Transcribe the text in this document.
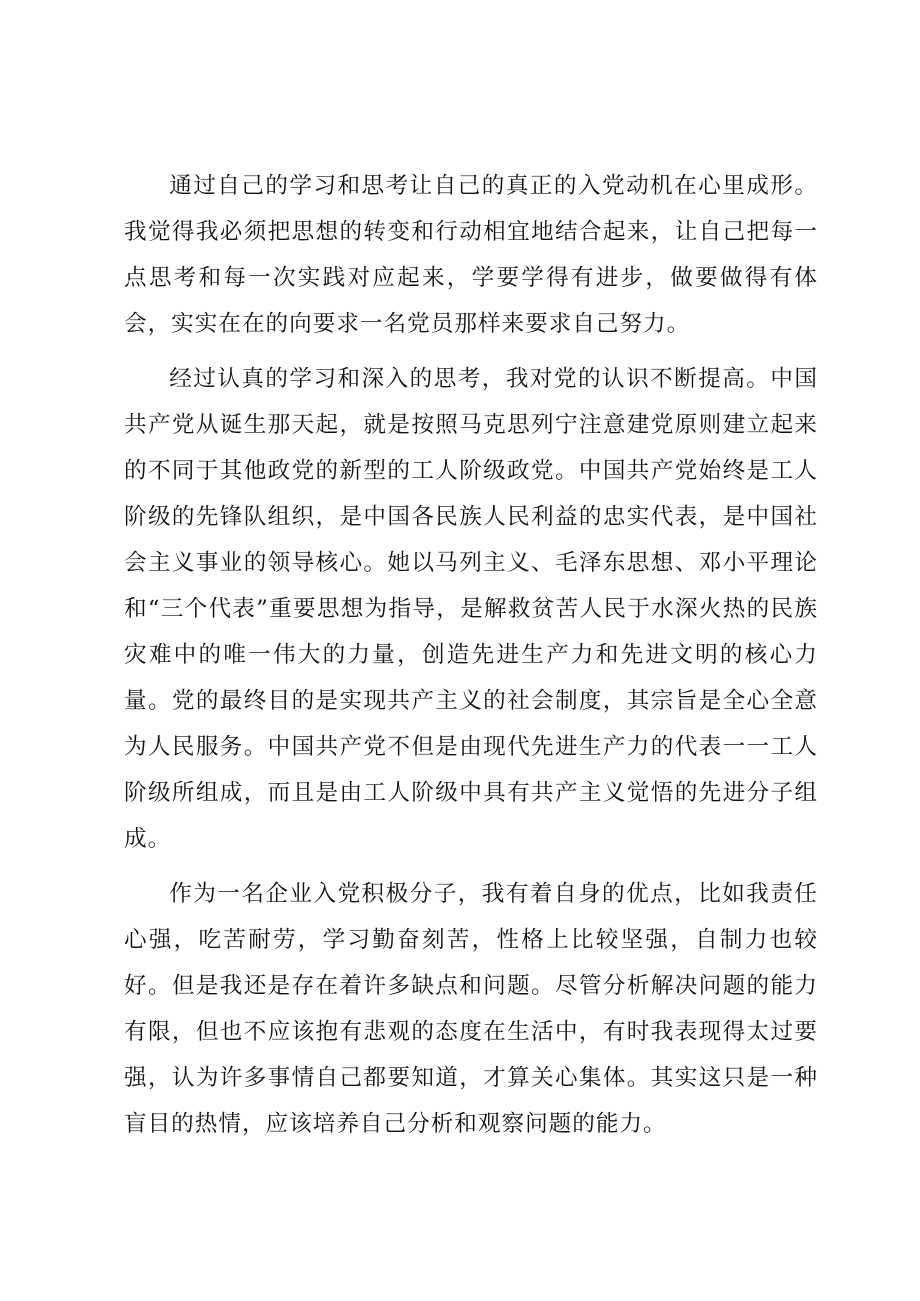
通过自己的学习和思考让自己的真正的入党动机在心里成形。我觉得我必须把思想的转变和行动相宜地结合起来，让自己把每一点思考和每一次实践对应起来，学要学得有进步，做要做得有体会，实实在在的向要求一名党员那样来要求自己努力。

经过认真的学习和深入的思考，我对党的认识不断提高。中国共产党从诞生那天起，就是按照马克思列宁注意建党原则建立起来的不同于其他政党的新型的工人阶级政党。中国共产党始终是工人阶级的先锋队组织，是中国各民族人民利益的忠实代表，是中国社会主义事业的领导核心。她以马列主义、毛泽东思想、邓小平理论和“三个代表”重要思想为指导，是解救贫苦人民于水深火热的民族灾难中的唯一伟大的力量，创造先进生产力和先进文明的核心力量。党的最终目的是实现共产主义的社会制度，其宗旨是全心全意为人民服务。中国共产党不但是由现代先进生产力的代表一一工人阶级所组成，而且是由工人阶级中具有共产主义觉悟的先进分子组成。

作为一名企业入党积极分子，我有着自身的优点，比如我责任心强，吃苦耐劳，学习勤奋刻苦，性格上比较坚强，自制力也较好。但是我还是存在着许多缺点和问题。尽管分析解决问题的能力有限，但也不应该抱有悲观的态度在生活中，有时我表现得太过要强，认为许多事情自己都要知道，才算关心集体。其实这只是一种盲目的热情，应该培养自己分析和观察问题的能力。
